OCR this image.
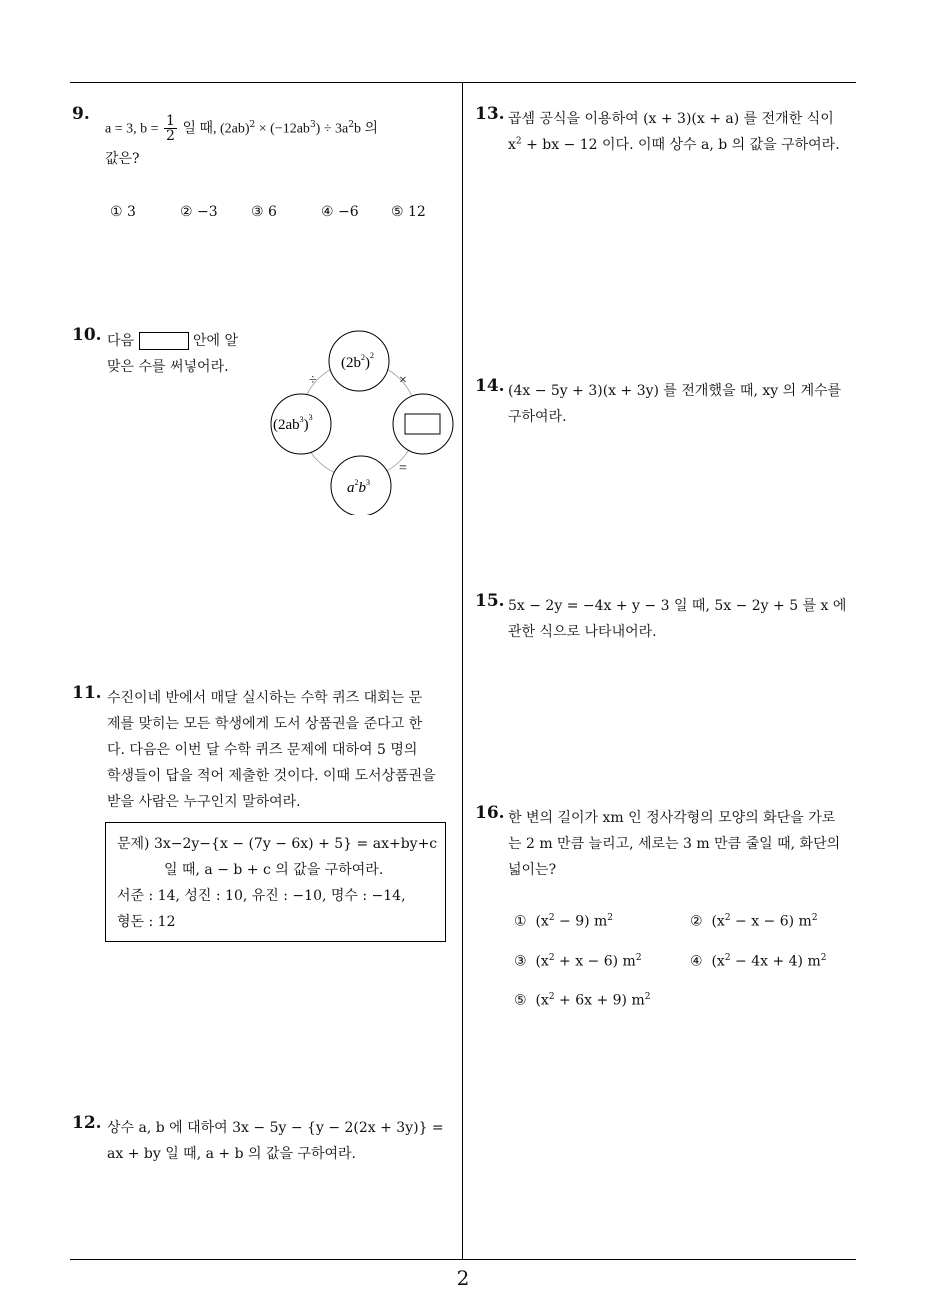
9.
a = 3, $b = \frac{1}{2}$ 일 때, $(2ab)^2 \times (-12ab^3) \div 3a^2b$ 의
값은?
① 3	② −3 ③ 6	④ −6 ⑤ 12
10. 다음	안에 알
맞은 수를 써넣어라.	$(2b^2)^2$
$(2ab^3)^3$
$a^2b^3$
÷	×
=
11. 수진이네 반에서 매달 실시하는 수학 퀴즈 대회는 문
제를 맞히는 모든 학생에게 도서 상품권을 준다고 한
다. 다음은 이번 달 수학 퀴즈 문제에 대하여 5 명의
학생들이 답을 적어 제출한 것이다. 이때 도서상품권을
받을 사람은 누구인지 말하여라.
문제) 3x−2y−{x − (7y − 6x) + 5} = ax+by+c
일 때, a − b + c 의 값을 구하여라.
서준 : 14, 성진 : 10, 유진 : −10, 명수 : −14,
형돈 : 12
12. 상수 a, b 에 대하여 3x − 5y − {y − 2(2x + 3y)} =
ax + by 일 때, a + b 의 값을 구하여라.
13. 곱셈 공식을 이용하여 (x + 3)(x + a) 를 전개한 식이
$x^2$ + bx − 12 이다. 이때 상수 a, b 의 값을 구하여라.
14. (4x − 5y + 3)(x + 3y) 를 전개했을 때, xy 의 계수를
구하여라.
15. 5x − 2y = −4x + y − 3 일 때, 5x − 2y + 5 를 x 에
관한 식으로 나타내어라.
16. 한 변의 길이가 xm 인 정사각형의 모양의 화단을 가로
는 2 m 만큼 늘리고, 세로는 3 m 만큼 줄일 때, 화단의
넓이는?
① $(x^2 - 9)$ $m^2$	② $(x^2 - x - 6)$ $m^2$
③ $(x^2 + x - 6)$ $m^2$	④ $(x^2 - 4x + 4)$ $m^2$
⑤ $(x^2 + 6x + 9)$ $m^2$
2
